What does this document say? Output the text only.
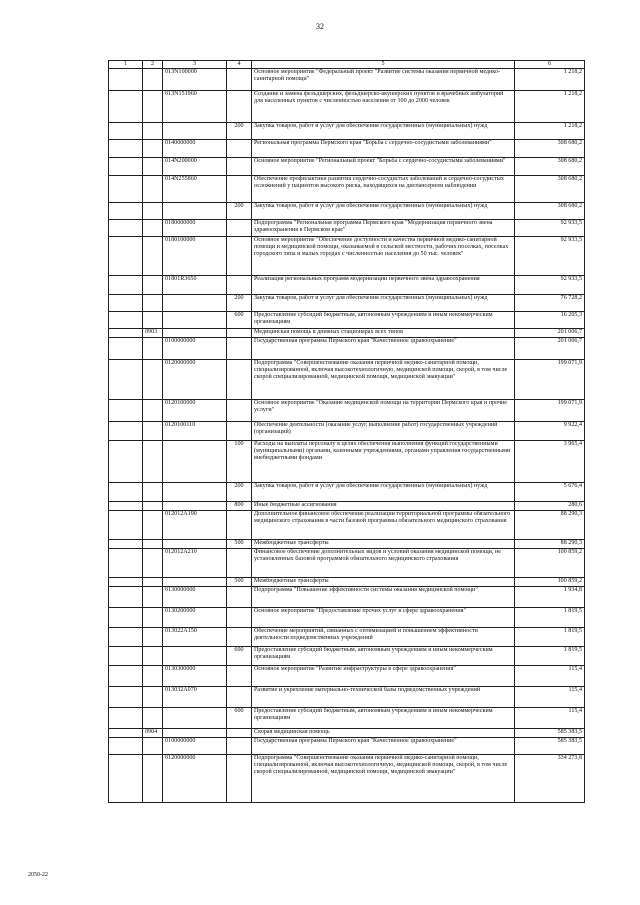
32
1	2	3	4	5	6
		013N100000		Основное мероприятие "Федеральный проект "Развитие системы оказания первичной медико-санитарной помощи"	1 218,2
		013N151960		Создание и замена фельдшерских, фельдшерско-акушерских пунктов и врачебных амбулаторий для населенных пунктов с численностью населения от 100 до 2000 человек	1 218,2
			200	Закупка товаров, работ и услуг для обеспечения государственных (муниципальных) нужд	1 218,2
		0140000000		Региональная программа Пермского края "Борьба с сердечно-сосудистыми заболеваниями"	308 680,2
		014N200000		Основное мероприятие "Региональный проект "Борьба с сердечно-сосудистыми заболеваниями"	308 680,2
		014N255860		Обеспечение профилактики развития сердечно-сосудистых заболеваний и сердечно-сосудистых осложнений у пациентов высокого риска, находящихся на диспансерном наблюдении	308 680,2
			200	Закупка товаров, работ и услуг для обеспечения государственных (муниципальных) нужд	308 680,2
		0180000000		Подпрограмма "Региональная программа Пермского края "Модернизация первичного звена здравоохранения в Пермском крае"	92 933,5
		0180100000		Основное мероприятие "Обеспечение доступности и качества первичной медико-санитарной помощи и медицинской помощи, оказываемой в сельской местности, рабочих поселках, поселках городского типа и малых городах с численностью населения до 50 тыс. человек"	92 933,5
		01801R3650		Реализация региональных программ модернизации первичного звена здравоохранения	92 933,5
			200	Закупка товаров, работ и услуг для обеспечения государственных (муниципальных) нужд	76 728,2
			600	Предоставление субсидий бюджетным, автономным учреждениям и иным некоммерческим организациям	16 205,3
	0903			Медицинская помощь в дневных стационарах всех типов	201 006,7
		0100000000		Государственная программа Пермского края "Качественное здравоохранение"	201 006,7
		0120000000		Подпрограмма "Совершенствование оказания первичной медико-санитарной помощи, специализированной, включая высокотехнологичную, медицинской помощи, скорой, в том числе скорой специализированной, медицинской помощи, медицинской эвакуации"	199 071,9
		0120100000		Основное мероприятие "Оказание медицинской помощи на территории Пермского края и прочие услуги"	199 071,9
		0120100110		Обеспечение деятельности (оказание услуг, выполнение работ) государственных учреждений (организаций)	9 922,4
			100	Расходы на выплаты персоналу в целях обеспечения выполнения функций государственными (муниципальными) органами, казенными учреждениями, органами управления государственными внебюджетными фондами	3 965,4
			200	Закупка товаров, работ и услуг для обеспечения государственных (муниципальных) нужд	5 676,4
			800	Иные бюджетные ассигнования	280,6
		012012A190		Дополнительное финансовое обеспечение реализации территориальной программы обязательного медицинского страхования в части базовой программы обязательного медицинского страхования	88 290,3
			500	Межбюджетные трансферты	88 290,3
		012012A210		Финансовое обеспечение дополнительных видов и условий оказания медицинской помощи, не установленных базовой программой обязательного медицинского страхования	100 859,2
			500	Межбюджетные трансферты	100 859,2
		0130000000		Подпрограмма "Повышение эффективности системы оказания медицинской помощи"	1 934,8
		0130200000		Основное мероприятие "Предоставление прочих услуг в сфере здравоохранения"	1 819,5
		013022A150		Обеспечение мероприятий, связанных с оптимизацией и повышением эффективности деятельности подведомственных учреждений	1 819,5
			600	Предоставление субсидий бюджетным, автономным учреждениям и иным некоммерческим организациям	1 819,5
		0130300000		Основное мероприятие "Развитие инфраструктуры в сфере здравоохранения"	115,4
		013032A070		Развитие и укрепление материально-технической базы подведомственных учреждений	115,4
			600	Предоставление субсидий бюджетным, автономным учреждениям и иным некоммерческим организациям	115,4
	0904			Скорая медицинская помощь	585 383,5
		0100000000		Государственная программа Пермского края "Качественное здравоохранение"	585 383,5
		0120000000		Подпрограмма "Совершенствование оказания первичной медико-санитарной помощи, специализированной, включая высокотехнологичную, медицинской помощи, скорой, в том числе скорой специализированной, медицинской помощи, медицинской эвакуации"	334 273,8
2050-22
